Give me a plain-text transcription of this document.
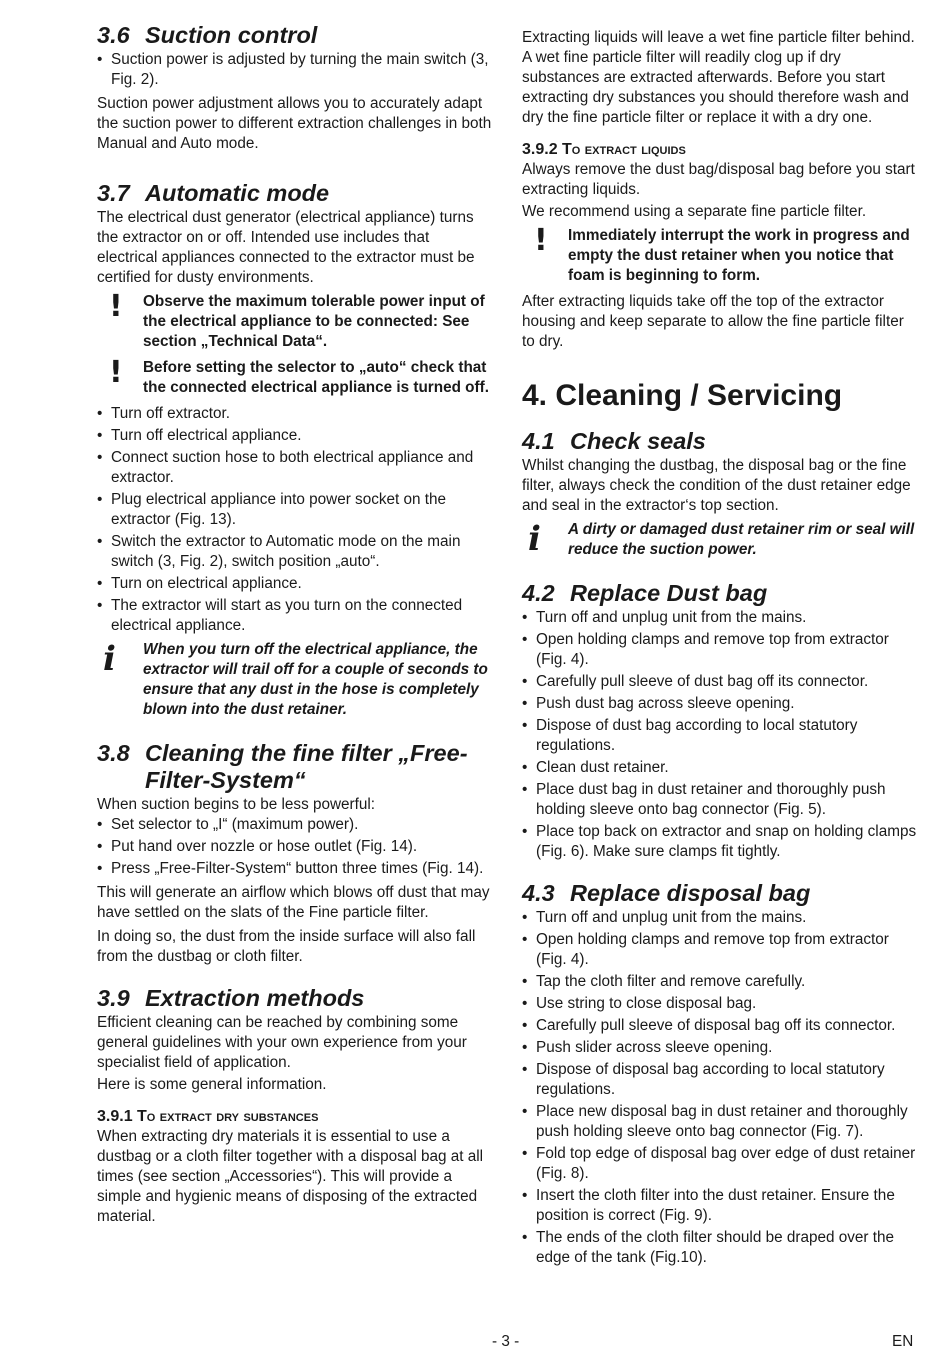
3.6 Suction control
• Suction power is adjusted by turning the main switch (3, Fig. 2).

Suction power adjustment allows you to accurately adapt the suction power to different extraction challenges in both Manual and Auto mode.

3.7 Automatic mode

The electrical dust generator (electrical appliance) turns the extractor on or off. Intended use includes that electrical appliances connected to the extractor must be certified for dusty environments.

! Observe the maximum tolerable power input of the electrical appliance to be connected: See section „Technical Data“.
! Before setting the selector to „auto“ check that the connected electrical appliance is turned off.
• Turn off extractor.
• Turn off electrical appliance.
• Connect suction hose to both electrical appliance and extractor.
• Plug electrical appliance into power socket on the extractor (Fig. 13).
• Switch the extractor to Automatic mode on the main switch (3, Fig. 2), switch position „auto“.
• Turn on electrical appliance.
• The extractor will start as you turn on the connected electrical appliance.
i When you turn off the electrical appliance, the extractor will trail off for a couple of seconds to ensure that any dust in the hose is completely blown into the dust retainer.
3.8 Cleaning the fine filter „Free-Filter-System“

When suction begins to be less powerful:

• Set selector to „I“ (maximum power).
• Put hand over nozzle or hose outlet (Fig. 14).
• Press „Free-Filter-System“ button three times (Fig. 14).

This will generate an airflow which blows off dust that may have settled on the slats of the Fine particle filter.

In doing so, the dust from the inside surface will also fall from the dustbag or cloth filter.

3.9 Extraction methods

Efficient cleaning can be reached by combining some general guidelines with your own experience from your specialist field of application.

Here is some general information.

3.9.1 To extract dry substances

When extracting dry materials it is essential to use a dustbag or a cloth filter together with a disposal bag at all times (see section „Accessories“). This will provide a simple and hygienic means of disposing of the extracted material.

Extracting liquids will leave a wet fine particle filter behind. A wet fine particle filter will readily clog up if dry substances are extracted afterwards. Before you start extracting dry substances you should therefore wash and dry the fine particle filter or replace it with a dry one.

3.9.2 To extract liquids

Always remove the dust bag/disposal bag before you start extracting liquids.

We recommend using a separate fine particle filter.

! Immediately interrupt the work in progress and empty the dust retainer when you notice that foam is beginning to form.

After extracting liquids take off the top of the extractor housing and keep separate to allow the fine particle filter to dry.

4. Cleaning / Servicing
4.1 Check seals

Whilst changing the dustbag, the disposal bag or the fine filter, always check the condition of the dust retainer edge and seal in the extractor‘s top section.

i A dirty or damaged dust retainer rim or seal will reduce the suction power.
4.2 Replace Dust bag
• Turn off and unplug unit from the mains.
• Open holding clamps and remove top from extractor (Fig. 4).
• Carefully pull sleeve of dust bag off its connector.
• Push dust bag across sleeve opening.
• Dispose of dust bag according to local statutory regulations.
• Clean dust retainer.
• Place dust bag in dust retainer and thoroughly push holding sleeve onto bag connector (Fig. 5).
• Place top back on extractor and snap on holding clamps (Fig. 6). Make sure clamps fit tightly.
4.3 Replace disposal bag
• Turn off and unplug unit from the mains.
• Open holding clamps and remove top from extractor (Fig. 4).
• Tap the cloth filter and remove carefully.
• Use string to close disposal bag.
• Carefully pull sleeve of disposal bag off its connector.
• Push slider across sleeve opening.
• Dispose of disposal bag according to local statutory regulations.
• Place new disposal bag in dust retainer and thoroughly push holding sleeve onto bag connector (Fig. 7).
• Fold top edge of disposal bag over edge of dust retainer (Fig. 8).
• Insert the cloth filter into the dust retainer. Ensure the position is correct (Fig. 9).
• The ends of the cloth filter should be draped over the edge of the tank (Fig.10).
- 3 -	EN
